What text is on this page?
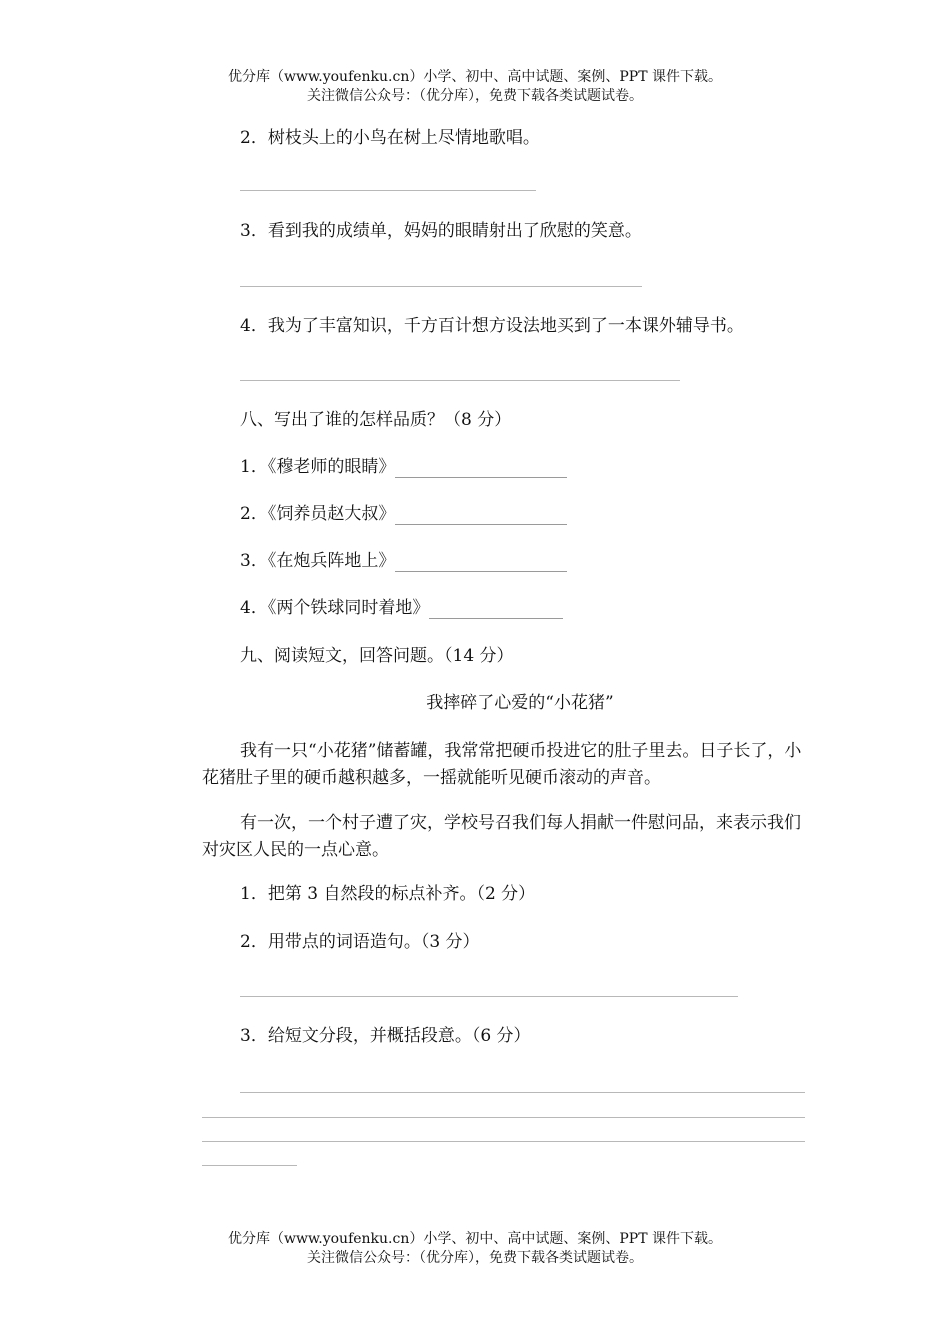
优分库（www.youfenku.cn）小学、初中、高中试题、案例、PPT 课件下载。
关注微信公众号：（优分库），免费下载各类试题试卷。
2．树枝头上的小鸟在树上尽情地歌唱。
3．看到我的成绩单，妈妈的眼睛射出了欣慰的笑意。
4．我为了丰富知识，千方百计想方设法地买到了一本课外辅导书。
八、写出了谁的怎样品质？（8 分）
1．《穆老师的眼睛》
2．《饲养员赵大叔》
3．《在炮兵阵地上》
4．《两个铁球同时着地》
九、阅读短文，回答问题。（14 分）
我摔碎了心爱的“小花猪”
我有一只“小花猪”储蓄罐，我常常把硬币投进它的肚子里去。日子长了，小花猪肚子里的硬币越积越多，一摇就能听见硬币滚动的声音。
有一次，一个村子遭了灾，学校号召我们每人捐献一件慰问品，来表示我们对灾区人民的一点心意。
1．把第 3 自然段的标点补齐。（2 分）
2．用带点的词语造句。（3 分）
3．给短文分段，并概括段意。（6 分）
优分库（www.youfenku.cn）小学、初中、高中试题、案例、PPT 课件下载。
关注微信公众号：（优分库），免费下载各类试题试卷。
